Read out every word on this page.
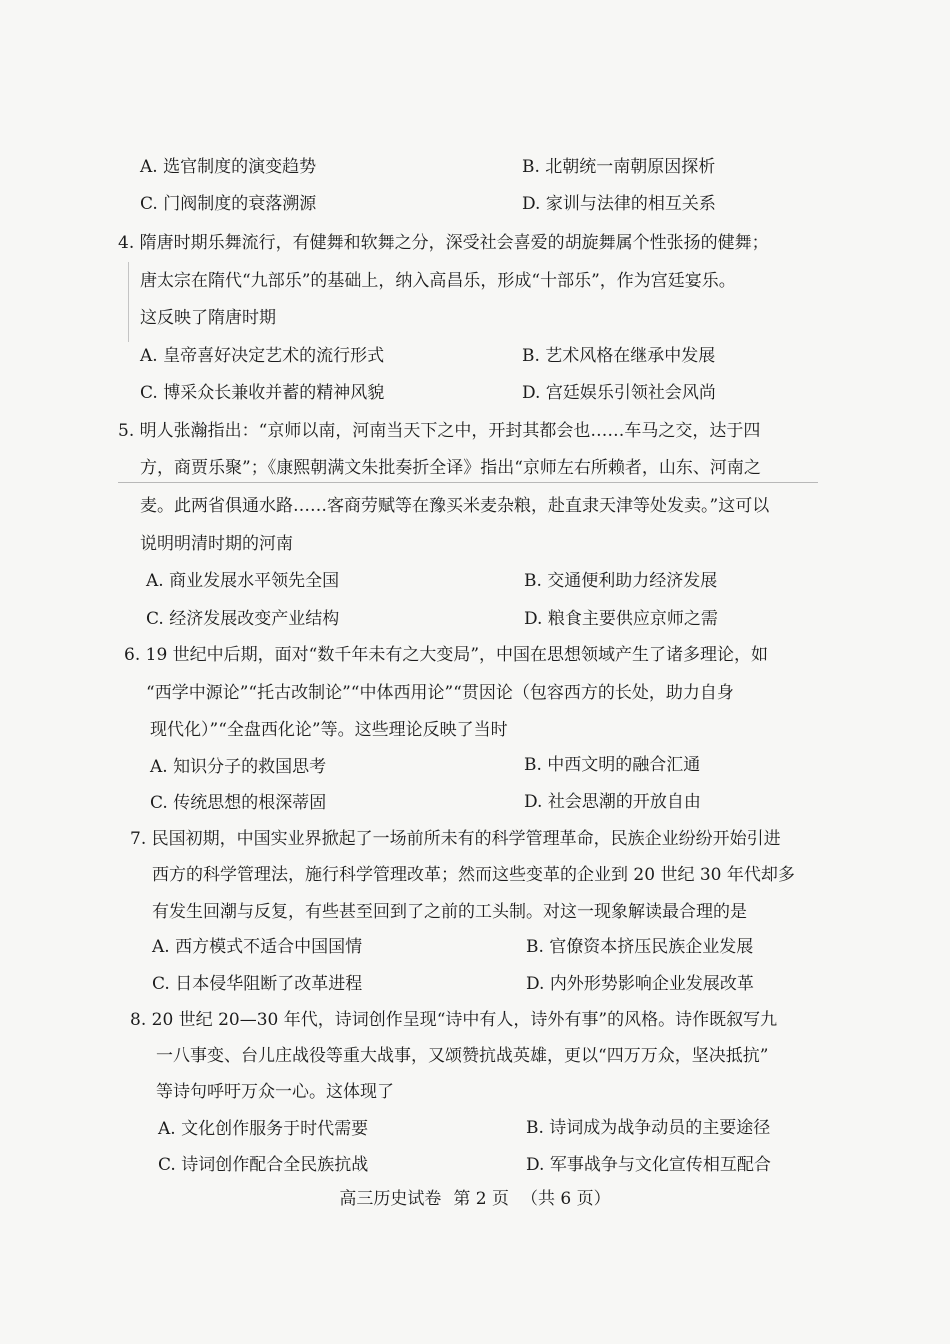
A. 选官制度的演变趋势	B. 北朝统一南朝原因探析
C. 门阀制度的衰落溯源	D. 家训与法律的相互关系
4. 隋唐时期乐舞流行，有健舞和软舞之分，深受社会喜爱的胡旋舞属个性张扬的健舞；
唐太宗在隋代“九部乐”的基础上，纳入高昌乐，形成“十部乐”，作为宫廷宴乐。
这反映了隋唐时期
A. 皇帝喜好决定艺术的流行形式	B. 艺术风格在继承中发展
C. 博采众长兼收并蓄的精神风貌	D. 宫廷娱乐引领社会风尚
5. 明人张瀚指出：“京师以南，河南当天下之中，开封其都会也……车马之交，达于四
方，商贾乐聚”；《康熙朝满文朱批奏折全译》指出“京师左右所赖者，山东、河南之
麦。此两省俱通水路……客商劳赋等在豫买米麦杂粮，赴直隶天津等处发卖。”这可以
说明明清时期的河南
A. 商业发展水平领先全国	B. 交通便利助力经济发展
C. 经济发展改变产业结构	D. 粮食主要供应京师之需
6. 19 世纪中后期，面对“数千年未有之大变局”，中国在思想领域产生了诸多理论，如
“西学中源论”“托古改制论”“中体西用论”“贯因论（包容西方的长处，助力自身
现代化）”“全盘西化论”等。这些理论反映了当时
A. 知识分子的救国思考	B. 中西文明的融合汇通
C. 传统思想的根深蒂固	D. 社会思潮的开放自由
7. 民国初期，中国实业界掀起了一场前所未有的科学管理革命，民族企业纷纷开始引进
西方的科学管理法，施行科学管理改革；然而这些变革的企业到 20 世纪 30 年代却多
有发生回潮与反复，有些甚至回到了之前的工头制。对这一现象解读最合理的是
A. 西方模式不适合中国国情	B. 官僚资本挤压民族企业发展
C. 日本侵华阻断了改革进程	D. 内外形势影响企业发展改革
8. 20 世纪 20—30 年代，诗词创作呈现“诗中有人，诗外有事”的风格。诗作既叙写九
一八事变、台儿庄战役等重大战事，又颂赞抗战英雄，更以“四万万众，坚决抵抗”
等诗句呼吁万众一心。这体现了
A. 文化创作服务于时代需要	B. 诗词成为战争动员的主要途径
C. 诗词创作配合全民族抗战	D. 军事战争与文化宣传相互配合
高三历史试卷 第 2 页 （共 6 页）
